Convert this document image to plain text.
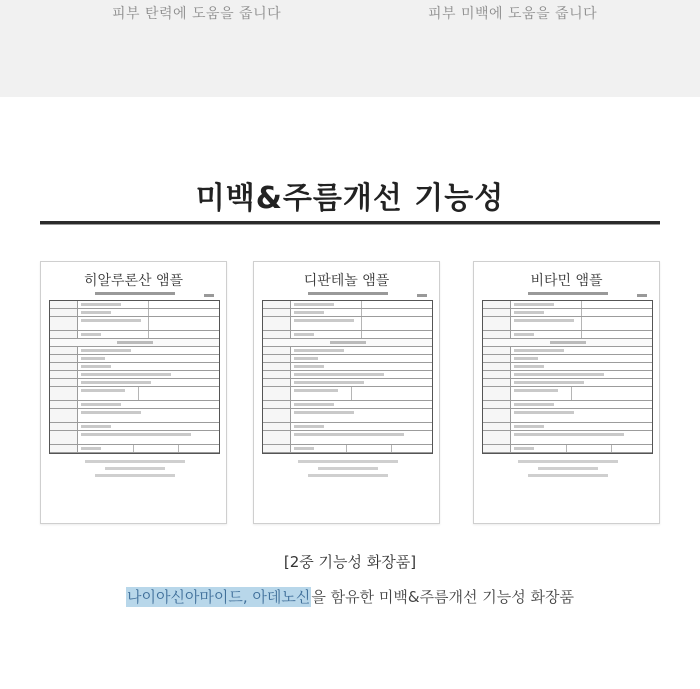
피부 탄력에 도움을 줍니다	피부 미백에 도움을 줍니다
미백&주름개선 기능성
히알루론산 앰플	디판테놀 앰플	비타민 앰플
[2중 기능성 화장품]
나이아신아마이드, 아데노신을 함유한 미백&주름개선 기능성 화장품
